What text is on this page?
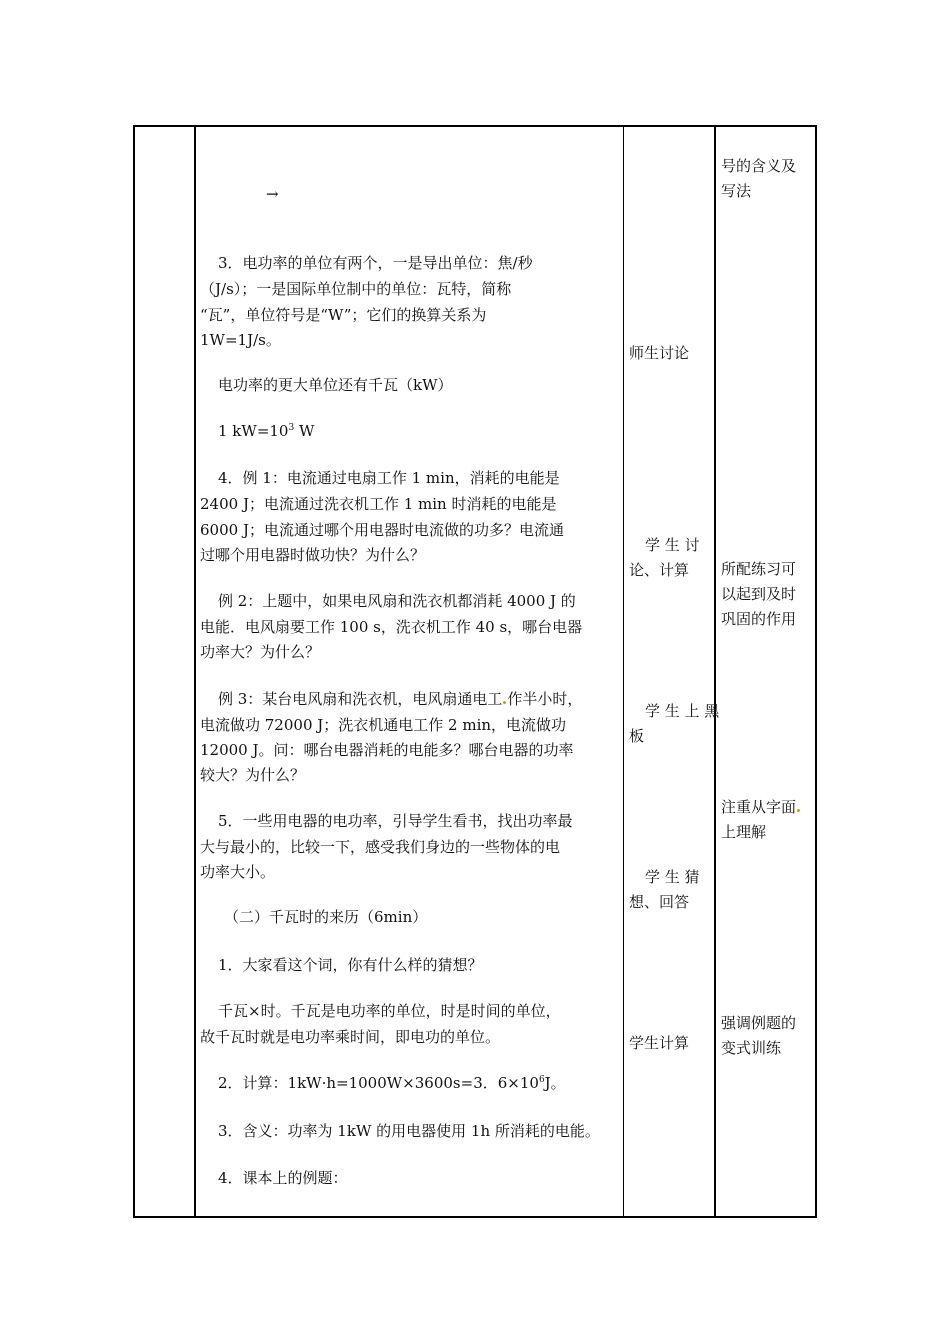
→
3．电功率的单位有两个，一是导出单位：焦/秒
（J/s）；一是国际单位制中的单位：瓦特，简称
“瓦”，单位符号是“W”；它们的换算关系为
1W=1J/s。
电功率的更大单位还有千瓦（kW）
1 $kW=10^3$ W
4．例 1：电流通过电扇工作 1 min，消耗的电能是
2400 J；电流通过洗衣机工作 1 min 时消耗的电能是
6000 J；电流通过哪个用电器时电流做的功多？电流通
过哪个用电器时做功快？为什么？
例 2：上题中，如果电风扇和洗衣机都消耗 4000 J 的
电能．电风扇要工作 100 s，洗衣机工作 40 s，哪台电器
功率大？为什么？
例 3：某台电风扇和洗衣机，电风扇通电工 作半小时，
电流做功 72000 J；洗衣机通电工作 2 min，电流做功
12000 J。问：哪台电器消耗的电能多？哪台电器的功率
较大？为什么？
5．一些用电器的电功率，引导学生看书，找出功率最
大与最小的，比较一下，感受我们身边的一些物体的电
功率大小。
（二）千瓦时的来历（6min）
1．大家看这个词，你有什么样的猜想？
千瓦×时。千瓦是电功率的单位，时是时间的单位，
故千瓦时就是电功率乘时间，即电功的单位。
2．计算：1kW·h=1000W×3600s=3．$6\times 10^6J$。
3．含义：功率为 1kW 的用电器使用 1h 所消耗的电能。
4．课本上的例题：
师生讨论
学 生 讨
论、计算
学 生 上 黑
板
学 生 猜
想、回答
学生计算
号的含义及
写法
所配练习可
以起到及时
巩固的作用
注重从字面
上理解
强调例题的
变式训练
